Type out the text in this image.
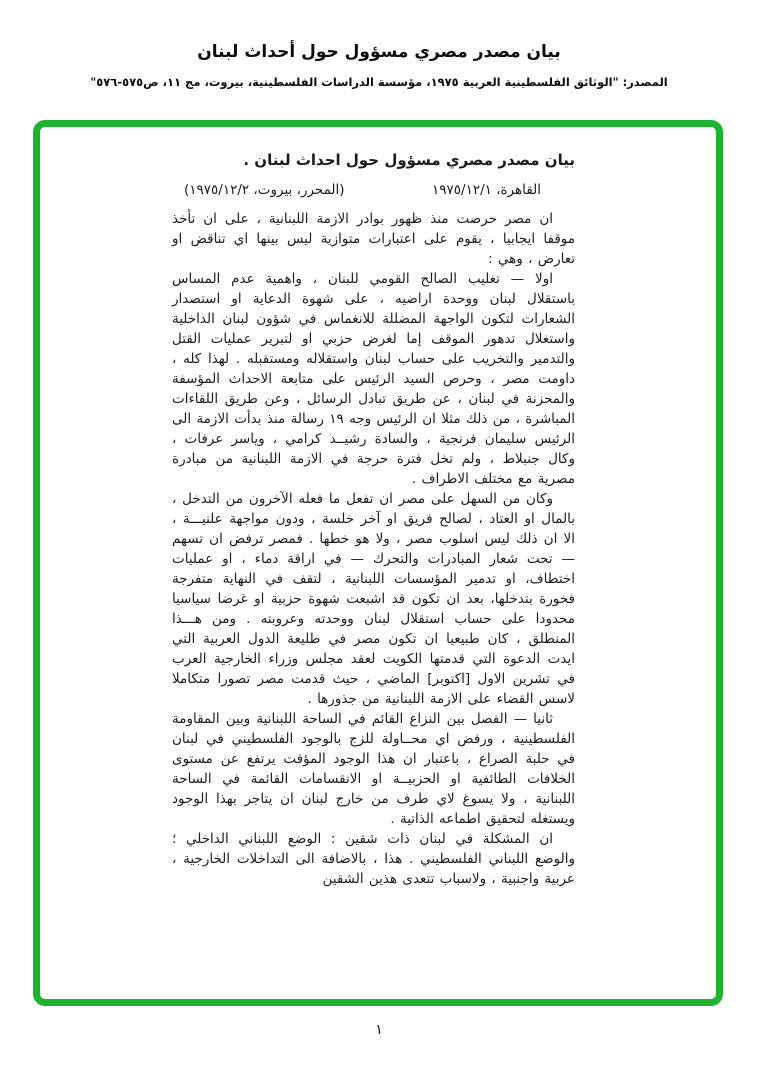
بيان مصدر مصري مسؤول حول أحداث لبنان
المصدر: "الوثائق الفلسطينية العربية ١٩٧٥، مؤسسة الدراسات الفلسطينية، بيروت، مج ١١، ص٥٧٥-٥٧٦"
بيان مصدر مصري مسؤول حول احداث لبنان .
القاهرة، ١٩٧٥/١٢/١
(المحرر، بيروت، ١٩٧٥/١٢/٢)

ان مصر حرصت منذ ظهور بوادر الازمة اللبنانية ، على ان تأخذ موقفا ايجابيا ، يقوم على اعتبارات متوازية ليس بينها اي تناقض او تعارض ، وهي :

اولا — تغليب الصالح القومي للبنان ، واهمية عدم المساس باستقلال لبنان ووحدة اراضيه ، على شهوة الدعاية او استصدار الشعارات لتكون الواجهة المضللة للانغماس في شؤون لبنان الداخلية واستغلال تدهور الموقف إما لغرض حزبي او لتبرير عمليات القتل والتدمير والتخريب على حساب لبنان واستقلاله ومستقبله . لهذا كله ، داومت مصر ، وحرص السيد الرئيس على متابعة الاحداث المؤسفة والمحزنة في لبنان ، عن طريق تبادل الرسائل ، وعن طريق اللقاءات المباشرة ، من ذلك مثلا ان الرئيس وجه ١٩ رسالة منذ بدأت الازمة الى الرئيس سليمان فرنجية ، والسادة رشيــد كرامي ، وياسر عرفات ، وكال جنبلاط ، ولم تخل فترة حرجة في الازمة اللبنانية من مبادرة مصرية مع مختلف الاطراف .

وكان من السهل على مصر ان تفعل ما فعله الآخرون من التدخل ، بالمال او العتاد ، لصالح فريق او آخر خلسة ، ودون مواجهة علنيـــة ، الا ان ذلك ليس اسلوب مصر ، ولا هو خطها . فمصر ترفض ان تسهم — تحت شعار المبادرات والتحرك — في اراقة دماء ، او عمليات اختطاف، او تدمير المؤسسات اللبنانية ، لتقف في النهاية متفرجة فخورة بتدخلها، بعد ان تكون قد اشبعت شهوة حزبية او غرضا سياسيا محدودا على حساب استقلال لبنان ووحدته وعروبته . ومن هـــذا المنطلق ، كان طبيعيا ان تكون مصر في طليعة الدول العربية التي ايدت الدعوة التي قدمتها الكويت لعقد مجلس وزراء الخارجية العرب في تشرين الاول [اكتوبر] الماضي ، حيث قدمت مصر تصورا متكاملا لاسس القضاء على الازمة اللبنانية من جذورها .

ثانيا — الفصل بين النزاع القائم في الساحة اللبنانية وبين المقاومة الفلسطينية ، ورفض اي محــاولة للزج بالوجود الفلسطيني في لبنان في حلبة الصراع ، باعتبار ان هذا الوجود المؤقت يرتفع عن مستوى الخلافات الطائفية او الحزبيــة او الانقسامات القائمة في الساحة اللبنانية ، ولا يسوغ لاي طرف من خارج لبنان ان يتاجر بهذا الوجود ويستغله لتحقيق اطماعه الذاتية .

ان المشكلة في لبنان ذات شقين : الوضع اللبناني الداخلي ؛ والوضع اللبناني الفلسطيني . هذا ، بالاضافة الى التداخلات الخارجية ، عربية واجنبية ، ولاسباب تتعدى هذين الشقين

١
